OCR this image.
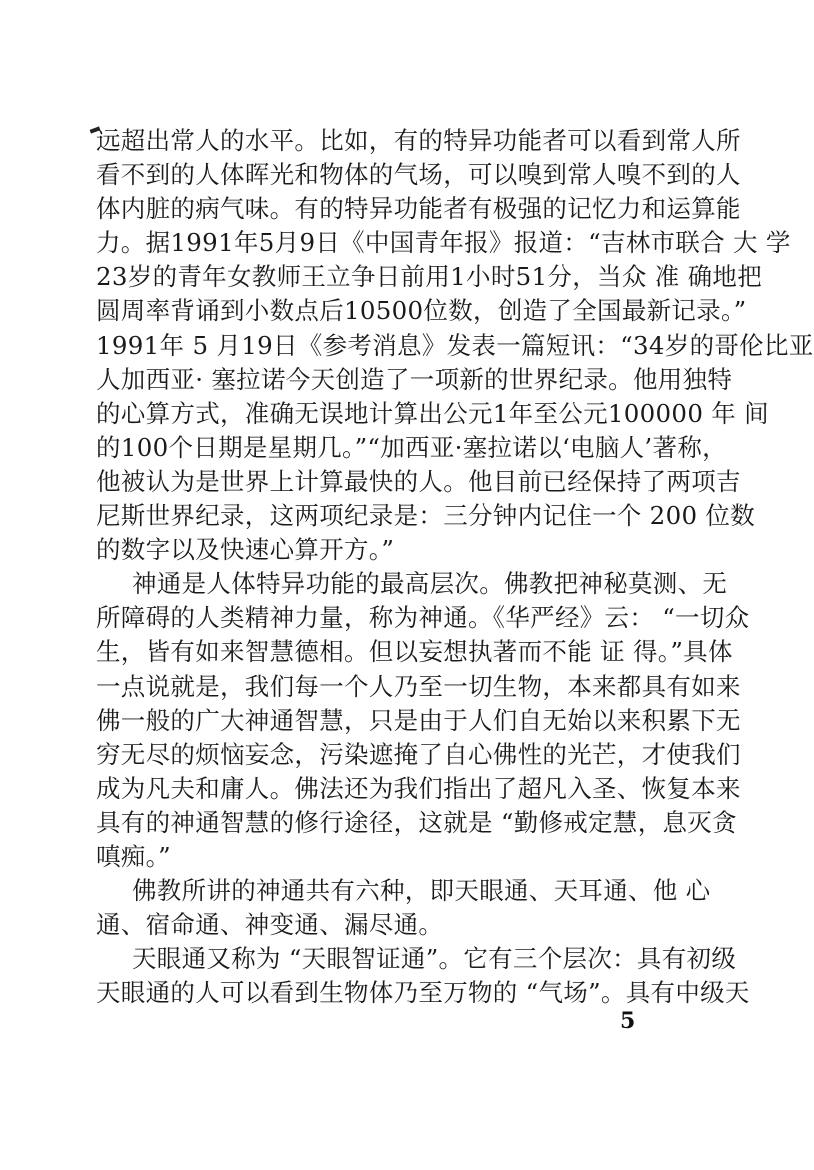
远超出常人的水平。比如，有的特异功能者可以看到常人所
看不到的人体晖光和物体的气场，可以嗅到常人嗅不到的人
体内脏的病气味。有的特异功能者有极强的记忆力和运算能
力。据1991年5月9日《中国青年报》报道：“吉林市联合 大 学
23岁的青年女教师王立争日前用1小时51分，当众 准 确地把
圆周率背诵到小数点后10500位数，创造了全国最新记录。”
1991年 5 月19日《参考消息》发表一篇短讯：“34岁的哥伦比亚
人加西亚· 塞拉诺今天创造了一项新的世界纪录。他用独特
的心算方式，准确无误地计算出公元1年至公元100000 年 间
的100个日期是星期几。”“加西亚·塞拉诺以‘电脑人’著称，
他被认为是世界上计算最快的人。他目前已经保持了两项吉
尼斯世界纪录，这两项纪录是：三分钟内记住一个 200 位数
的数字以及快速心算开方。”
神通是人体特异功能的最高层次。佛教把神秘莫测、无
所障碍的人类精神力量，称为神通。《华严经》云： “一切众
生，皆有如来智慧德相。但以妄想执著而不能 证 得。”具体
一点说就是，我们每一个人乃至一切生物，本来都具有如来
佛一般的广大神通智慧，只是由于人们自无始以来积累下无
穷无尽的烦恼妄念，污染遮掩了自心佛性的光芒，才使我们
成为凡夫和庸人。佛法还为我们指出了超凡入圣、恢复本来
具有的神通智慧的修行途径，这就是 “勤修戒定慧，息灭贪
嗔痴。”
佛教所讲的神通共有六种，即天眼通、天耳通、他 心
通、宿命通、神变通、漏尽通。
天眼通又称为 “天眼智证通”。它有三个层次：具有初级
天眼通的人可以看到生物体乃至万物的 “气场”。具有中级天
5
